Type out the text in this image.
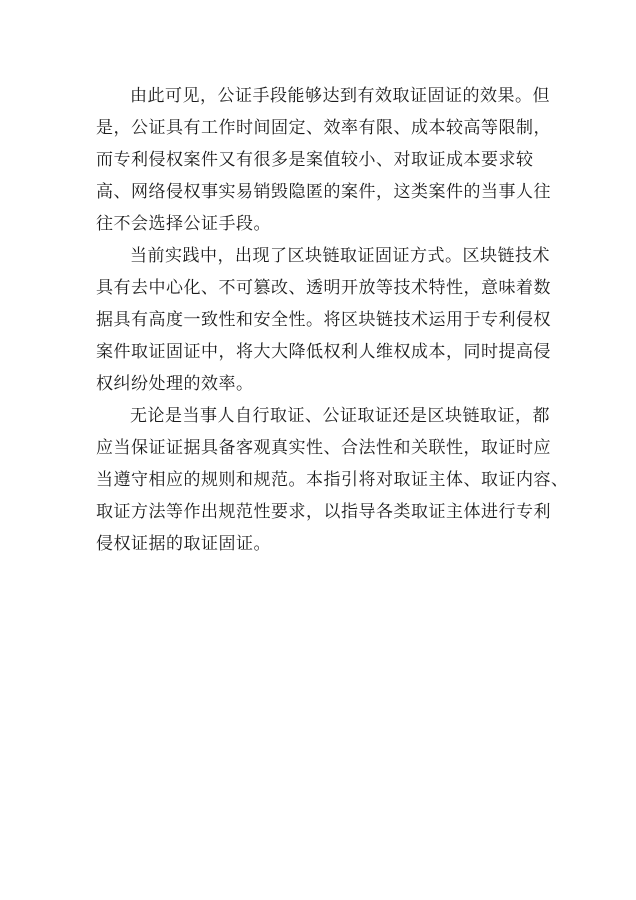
由此可见，公证手段能够达到有效取证固证的效果。但
是，公证具有工作时间固定、效率有限、成本较高等限制，
而专利侵权案件又有很多是案值较小、对取证成本要求较
高、网络侵权事实易销毁隐匿的案件，这类案件的当事人往
往不会选择公证手段。

当前实践中，出现了区块链取证固证方式。区块链技术
具有去中心化、不可篡改、透明开放等技术特性，意味着数
据具有高度一致性和安全性。将区块链技术运用于专利侵权
案件取证固证中，将大大降低权利人维权成本，同时提高侵
权纠纷处理的效率。

无论是当事人自行取证、公证取证还是区块链取证，都
应当保证证据具备客观真实性、合法性和关联性，取证时应
当遵守相应的规则和规范。本指引将对取证主体、取证内容、
取证方法等作出规范性要求，以指导各类取证主体进行专利
侵权证据的取证固证。
